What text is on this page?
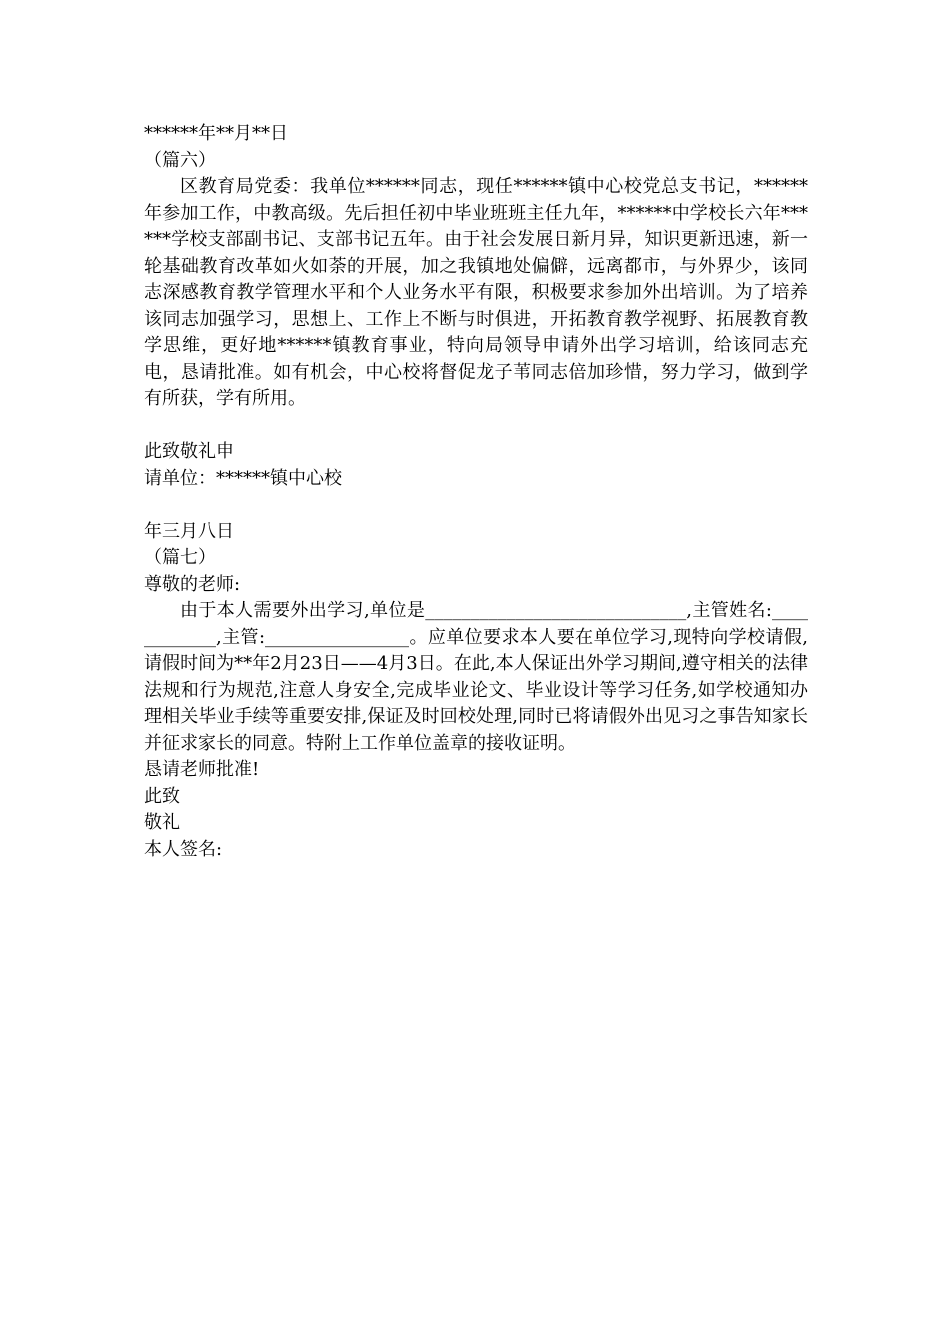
******年**月**日

（篇六）

区教育局党委：我单位******同志，现任******镇中心校党总支书记，******年参加工作，中教高级。先后担任初中毕业班班主任九年，******中学校长六年******学校支部副书记、支部书记五年。由于社会发展日新月异，知识更新迅速，新一轮基础教育改革如火如荼的开展，加之我镇地处偏僻，远离都市，与外界少，该同志深感教育教学管理水平和个人业务水平有限，积极要求参加外出培训。为了培养该同志加强学习，思想上、工作上不断与时俱进，开拓教育教学视野、拓展教育教学思维，更好地******镇教育事业，特向局领导申请外出学习培训，给该同志充电，恳请批准。如有机会，中心校将督促龙子苇同志倍加珍惜，努力学习，做到学有所获，学有所用。

此致敬礼申

请单位：******镇中心校

年三月八日

（篇七）

尊敬的老师:

由于本人需要外出学习,单位是_____________________________,主管姓名:____________,主管:________________。应单位要求本人要在单位学习,现特向学校请假,请假时间为**年2月23日——4月3日。在此,本人保证出外学习期间,遵守相关的法律法规和行为规范,注意人身安全,完成毕业论文、毕业设计等学习任务,如学校通知办理相关毕业手续等重要安排,保证及时回校处理,同时已将请假外出见习之事告知家长并征求家长的同意。特附上工作单位盖章的接收证明。

恳请老师批准!

此致

敬礼

本人签名:
